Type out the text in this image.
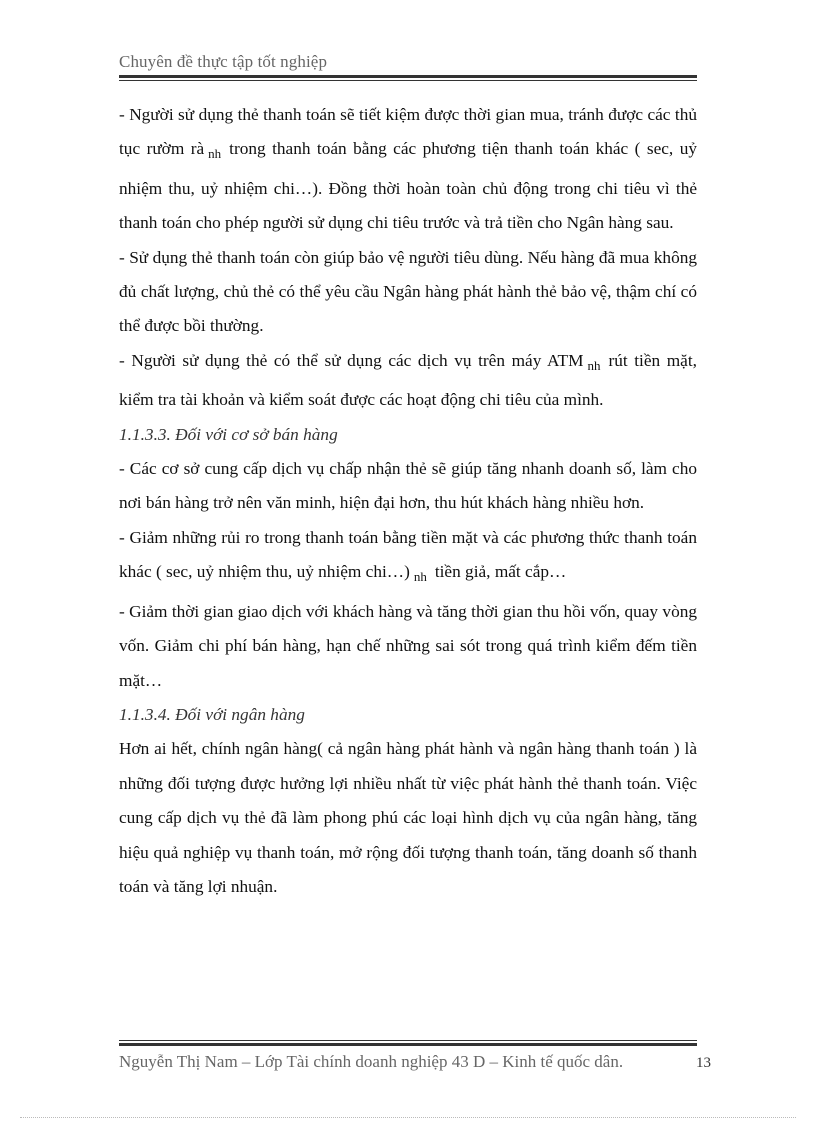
Chuyên đề thực tập tốt nghiệp

- Người sử dụng thẻ thanh toán sẽ tiết kiệm được thời gian mua, tránh được các thủ tục rườm rà $_{nh}$ trong thanh toán bằng các phương tiện thanh toán khác ( sec, uỷ nhiệm thu, uỷ nhiệm chi…). Đồng thời hoàn toàn chủ động trong chi tiêu vì thẻ thanh toán cho phép người sử dụng chi tiêu trước và trả tiền cho Ngân hàng sau.

- Sử dụng thẻ thanh toán còn giúp bảo vệ người tiêu dùng. Nếu hàng đã mua không đủ chất lượng, chủ thẻ có thể yêu cầu Ngân hàng phát hành thẻ bảo vệ, thậm chí có thể được bồi thường.

- Người sử dụng thẻ có thể sử dụng các dịch vụ trên máy ATM $_{nh}$ rút tiền mặt, kiểm tra tài khoản và kiểm soát được các hoạt động chi tiêu của mình.

1.1.3.3. Đối với cơ sở bán hàng

- Các cơ sở cung cấp dịch vụ chấp nhận thẻ sẽ giúp tăng nhanh doanh số, làm cho nơi bán hàng trở nên văn minh, hiện đại hơn, thu hút khách hàng nhiều hơn.

- Giảm những rủi ro trong thanh toán bằng tiền mặt và các phương thức thanh toán khác ( sec, uỷ nhiệm thu, uỷ nhiệm chi…) $_{nh}$ tiền giả, mất cắp…

- Giảm thời gian giao dịch với khách hàng và tăng thời gian thu hồi vốn, quay vòng vốn. Giảm chi phí bán hàng, hạn chế những sai sót trong quá trình kiểm đếm tiền mặt…

1.1.3.4. Đối với ngân hàng

Hơn ai hết, chính ngân hàng( cả ngân hàng phát hành và ngân hàng thanh toán ) là những đối tượng được hưởng lợi nhiều nhất từ việc phát hành thẻ thanh toán. Việc cung cấp dịch vụ thẻ đã làm phong phú các loại hình dịch vụ của ngân hàng, tăng hiệu quả nghiệp vụ thanh toán, mở rộng đối tượng thanh toán, tăng doanh số thanh toán và tăng lợi nhuận.

Nguyễn Thị Nam – Lớp Tài chính doanh nghiệp 43 D – Kinh tế quốc dân.	13
